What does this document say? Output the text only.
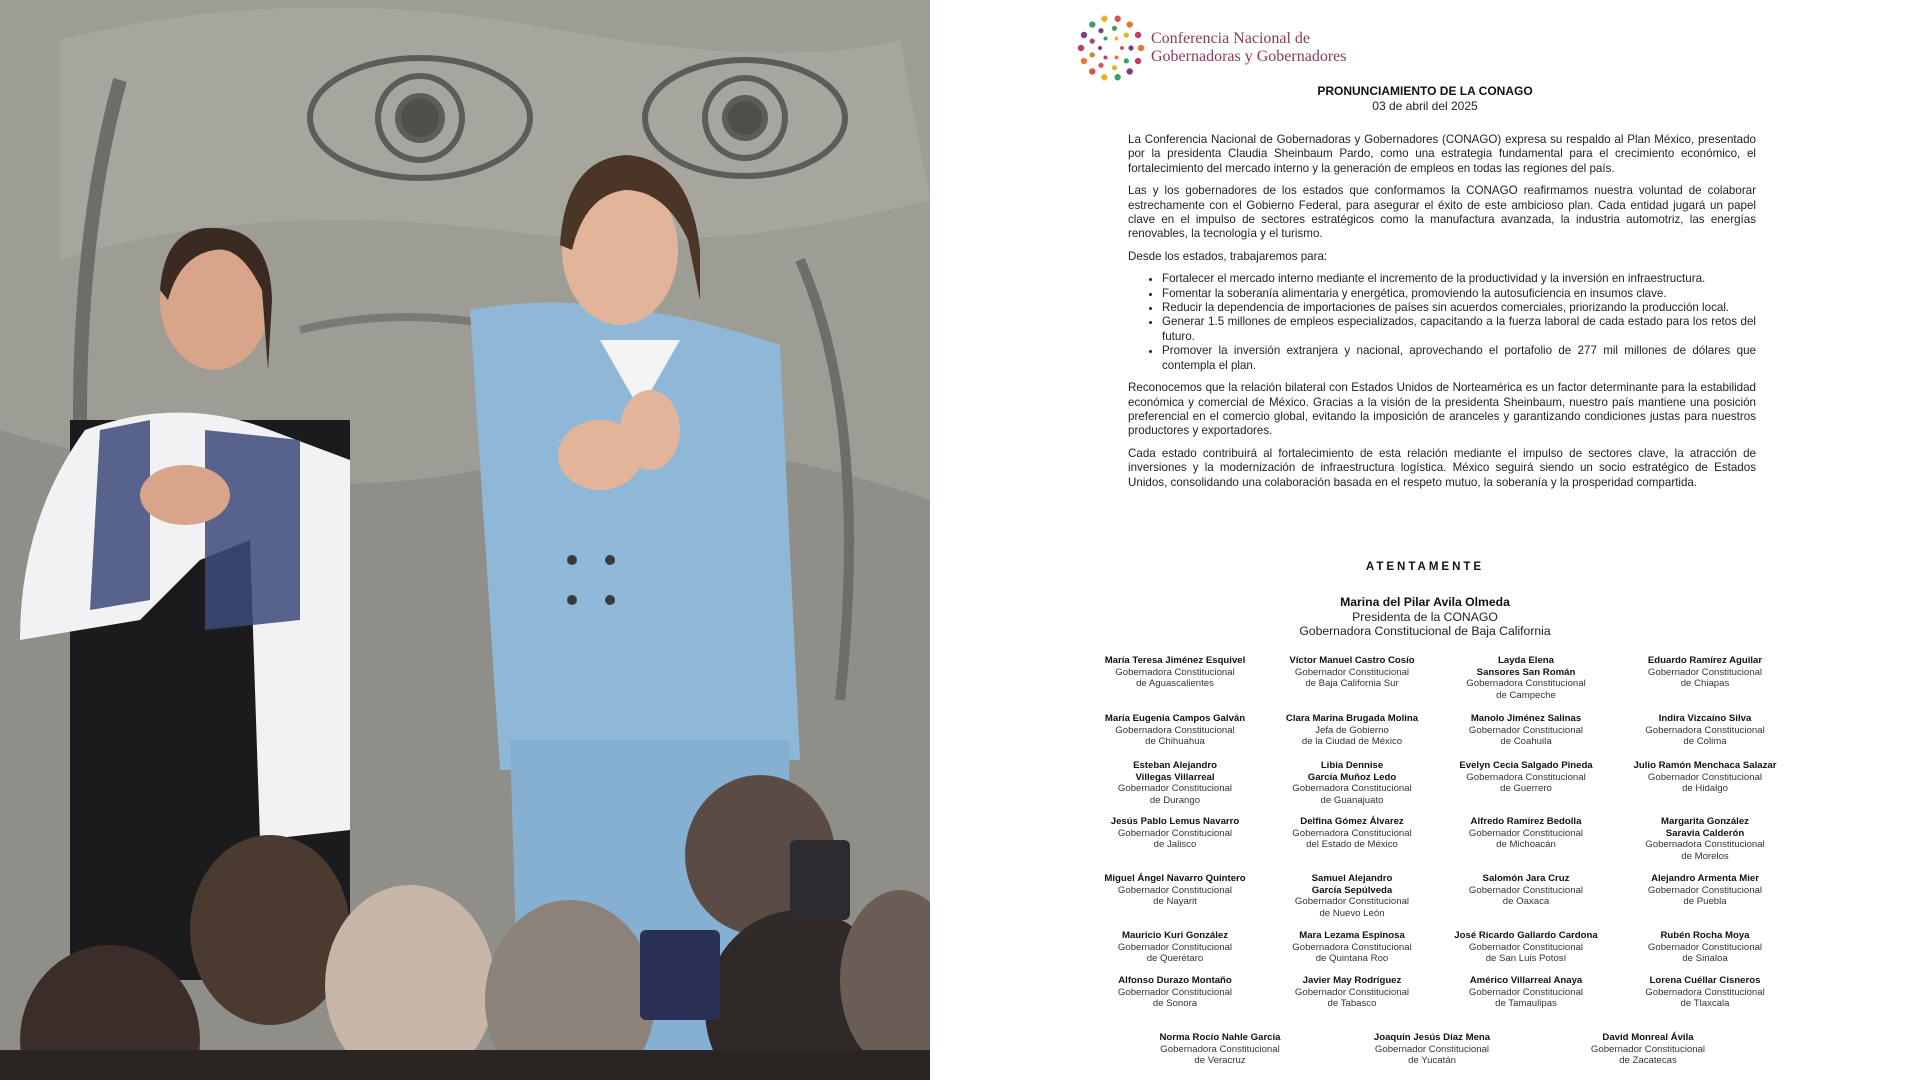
Conferencia Nacional de
Gobernadoras y Gobernadores
PRONUNCIAMIENTO DE LA CONAGO
03 de abril del 2025

La Conferencia Nacional de Gobernadoras y Gobernadores (CONAGO) expresa su respaldo al Plan México, presentado por la presidenta Claudia Sheinbaum Pardo, como una estrategia fundamental para el crecimiento económico, el fortalecimiento del mercado interno y la generación de empleos en todas las regiones del país.

Las y los gobernadores de los estados que conformamos la CONAGO reafirmamos nuestra voluntad de colaborar estrechamente con el Gobierno Federal, para asegurar el éxito de este ambicioso plan. Cada entidad jugará un papel clave en el impulso de sectores estratégicos como la manufactura avanzada, la industria automotriz, las energías renovables, la tecnología y el turismo.

Desde los estados, trabajaremos para:

• Fortalecer el mercado interno mediante el incremento de la productividad y la inversión en infraestructura.
• Fomentar la soberanía alimentaria y energética, promoviendo la autosuficiencia en insumos clave.
• Reducir la dependencia de importaciones de países sin acuerdos comerciales, priorizando la producción local.
• Generar 1.5 millones de empleos especializados, capacitando a la fuerza laboral de cada estado para los retos del futuro.
• Promover la inversión extranjera y nacional, aprovechando el portafolio de 277 mil millones de dólares que contempla el plan.

Reconocemos que la relación bilateral con Estados Unidos de Norteamérica es un factor determinante para la estabilidad económica y comercial de México. Gracias a la visión de la presidenta Sheinbaum, nuestro país mantiene una posición preferencial en el comercio global, evitando la imposición de aranceles y garantizando condiciones justas para nuestros productores y exportadores.

Cada estado contribuirá al fortalecimiento de esta relación mediante el impulso de sectores clave, la atracción de inversiones y la modernización de infraestructura logística. México seguirá siendo un socio estratégico de Estados Unidos, consolidando una colaboración basada en el respeto mutuo, la soberanía y la prosperidad compartida.

ATENTAMENTE
Marina del Pilar Avila Olmeda
Presidenta de la CONAGO
Gobernadora Constitucional de Baja California
María Teresa Jiménez Esquivel
Gobernadora Constitucional
de Aguascalientes
Víctor Manuel Castro Cosío
Gobernador Constitucional
de Baja California Sur
Layda Elena
Sansores San Román
Gobernadora Constitucional
de Campeche
Eduardo Ramírez Aguilar
Gobernador Constitucional
de Chiapas
María Eugenia Campos Galván
Gobernadora Constitucional
de Chihuahua
Clara Marina Brugada Molina
Jefa de Gobierno
de la Ciudad de México
Manolo Jiménez Salinas
Gobernador Constitucional
de Coahuila
Indira Vizcaíno Silva
Gobernadora Constitucional
de Colima
Esteban Alejandro
Villegas Villarreal
Gobernador Constitucional
de Durango
Libia Dennise
García Muñoz Ledo
Gobernadora Constitucional
de Guanajuato
Evelyn Cecia Salgado Pineda
Gobernadora Constitucional
de Guerrero
Julio Ramón Menchaca Salazar
Gobernador Constitucional
de Hidalgo
Jesús Pablo Lemus Navarro
Gobernador Constitucional
de Jalisco
Delfina Gómez Álvarez
Gobernadora Constitucional
del Estado de México
Alfredo Ramírez Bedolla
Gobernador Constitucional
de Michoacán
Margarita González
Saravia Calderón
Gobernadora Constitucional
de Morelos
Miguel Ángel Navarro Quintero
Gobernador Constitucional
de Nayarit
Samuel Alejandro
García Sepúlveda
Gobernador Constitucional
de Nuevo León
Salomón Jara Cruz
Gobernador Constitucional
de Oaxaca
Alejandro Armenta Mier
Gobernador Constitucional
de Puebla
Mauricio Kuri González
Gobernador Constitucional
de Querétaro
Mara Lezama Espinosa
Gobernadora Constitucional
de Quintana Roo
José Ricardo Gallardo Cardona
Gobernador Constitucional
de San Luis Potosí
Rubén Rocha Moya
Gobernador Constitucional
de Sinaloa
Alfonso Durazo Montaño
Gobernador Constitucional
de Sonora
Javier May Rodríguez
Gobernador Constitucional
de Tabasco
Américo Villarreal Anaya
Gobernador Constitucional
de Tamaulipas
Lorena Cuéllar Cisneros
Gobernadora Constitucional
de Tlaxcala
Norma Rocío Nahle García
Gobernadora Constitucional
de Veracruz
Joaquín Jesús Díaz Mena
Gobernador Constitucional
de Yucatán
David Monreal Ávila
Gobernador Constitucional
de Zacatecas
